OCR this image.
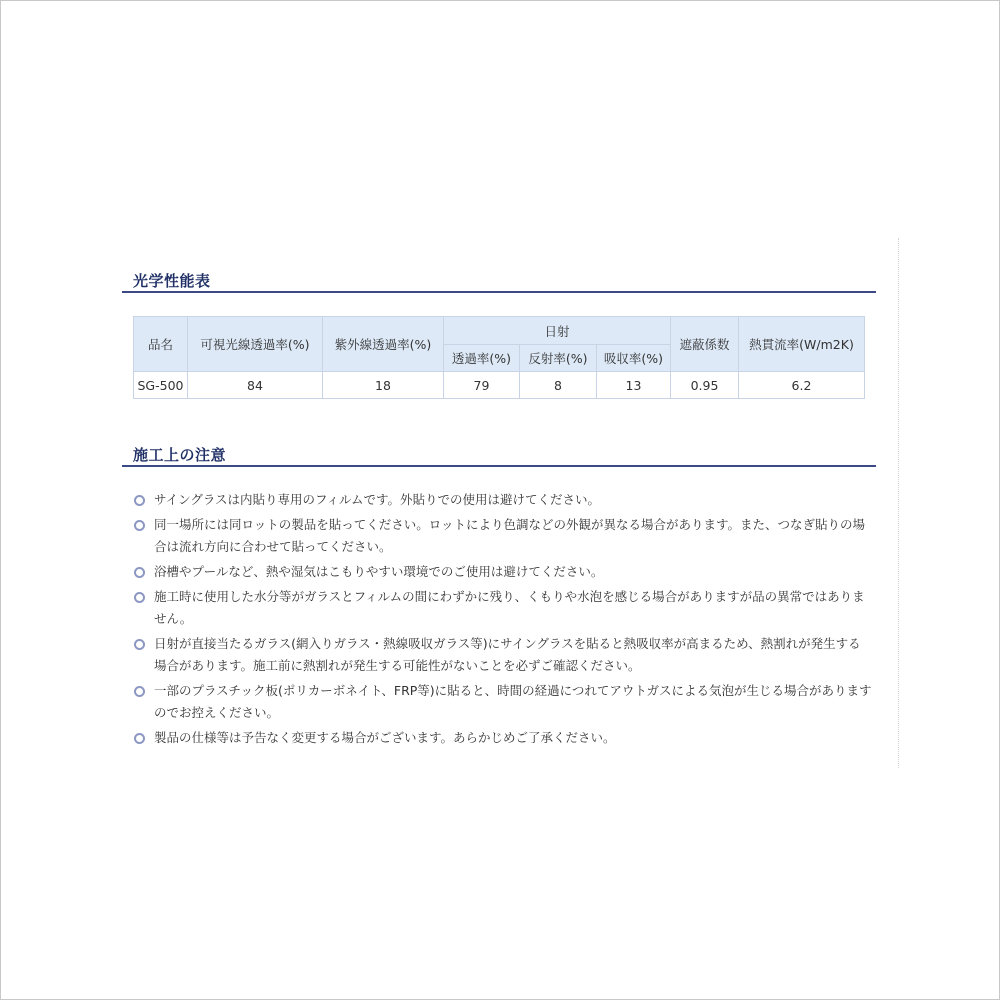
光学性能表
品名	可視光線透過率(%)	紫外線透過率(%)	日射			遮蔽係数	熱貫流率(W/m2K)
			透過率(%)	反射率(%)	吸収率(%)		
SG-500	84	18	79	8	13	0.95	6.2
施工上の注意
サイングラスは内貼り専用のフィルムです。外貼りでの使用は避けてください。
同一場所には同ロットの製品を貼ってください。ロットにより色調などの外観が異なる場合があります。また、つなぎ貼りの場合は流れ方向に合わせて貼ってください。
浴槽やプールなど、熱や湿気はこもりやすい環境でのご使用は避けてください。
施工時に使用した水分等がガラスとフィルムの間にわずかに残り、くもりや水泡を感じる場合がありますが品の異常ではありません。
日射が直接当たるガラス(網入りガラス・熱線吸収ガラス等)にサイングラスを貼ると熱吸収率が高まるため、熱割れが発生する場合があります。施工前に熱割れが発生する可能性がないことを必ずご確認ください。
一部のプラスチック板(ポリカーボネイト、FRP等)に貼ると、時間の経過につれてアウトガスによる気泡が生じる場合がありますのでお控えください。
製品の仕様等は予告なく変更する場合がございます。あらかじめご了承ください。
